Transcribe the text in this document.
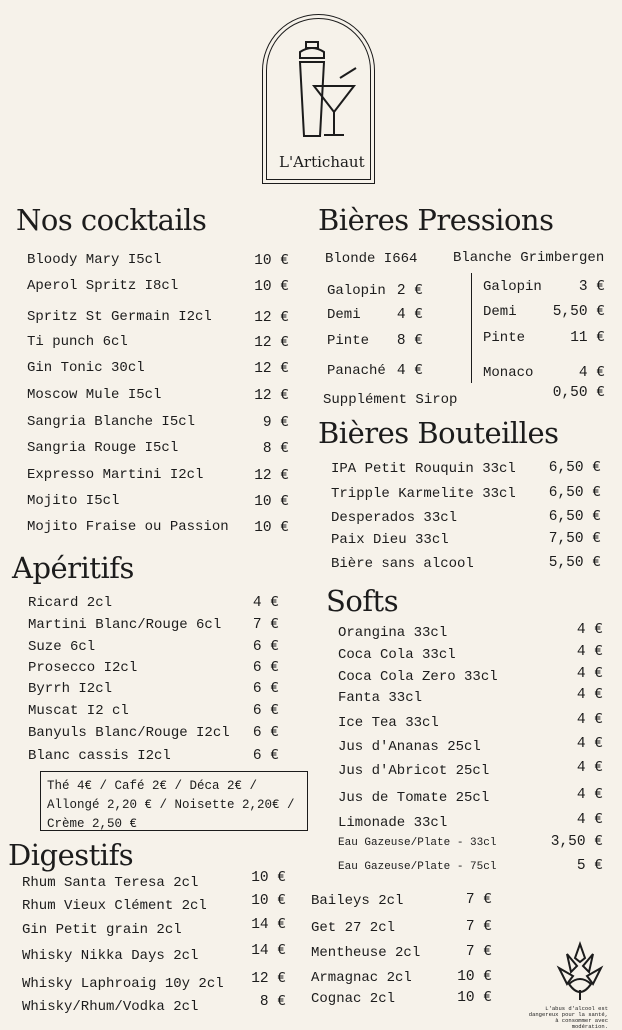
L'Artichaut
Nos cocktails
Bloody Mary I5cl	10 €
Aperol Spritz I8cl	10 €
Spritz St Germain I2cl	12 €
Ti punch 6cl	12 €
Gin Tonic 30cl	12 €
Moscow Mule I5cl	12 €
Sangria Blanche I5cl	9 €
Sangria Rouge I5cl	8 €
Expresso Martini I2cl	12 €
Mojito I5cl	10 €
Mojito Fraise ou Passion	10 €
Apéritifs
Ricard 2cl	4 €
Martini Blanc/Rouge 6cl	7 €
Suze 6cl	6 €
Prosecco I2cl	6 €
Byrrh I2cl	6 €
Muscat I2 cl	6 €
Banyuls Blanc/Rouge I2cl	6 €
Blanc cassis I2cl	6 €
Thé 4€ / Café 2€ / Déca 2€ /
Allongé 2,20 € / Noisette 2,20€ /
Crème 2,50 €
Digestifs
Rhum Santa Teresa 2cl	10 €
Rhum Vieux Clément 2cl	10 €
Gin Petit grain 2cl	14 €
Whisky Nikka Days 2cl	14 €
Whisky Laphroaig 10y 2cl	12 €
Whisky/Rhum/Vodka 2cl	8 €
Baileys 2cl	7 €
Get 27 2cl	7 €
Mentheuse 2cl	7 €
Armagnac 2cl	10 €
Cognac 2cl	10 €
Bières Pressions
Blonde I664	Blanche Grimbergen
Galopin 2 €
Demi	4 €
Pinte	8 €
Panaché 4 €
Galopin	3 €
Demi	5,50 €
Pinte	11 €
Monaco	4 €
Supplément Sirop	0,50 €
Bières Bouteilles
IPA Petit Rouquin 33cl	6,50 €
Tripple Karmelite 33cl	6,50 €
Desperados 33cl	6,50 €
Paix Dieu 33cl	7,50 €
Bière sans alcool	5,50 €
Softs
Orangina 33cl	4 €
Coca Cola 33cl	4 €
Coca Cola Zero 33cl	4 €
Fanta 33cl	4 €
Ice Tea 33cl	4 €
Jus d'Ananas 25cl	4 €
Jus d'Abricot 25cl	4 €
Jus de Tomate 25cl	4 €
Limonade 33cl	4 €
Eau Gazeuse/Plate - 33cl	3,50 €
Eau Gazeuse/Plate - 75cl	5 €
L'abus d'alcool est dangereux pour la santé, à consommer avec modération.
